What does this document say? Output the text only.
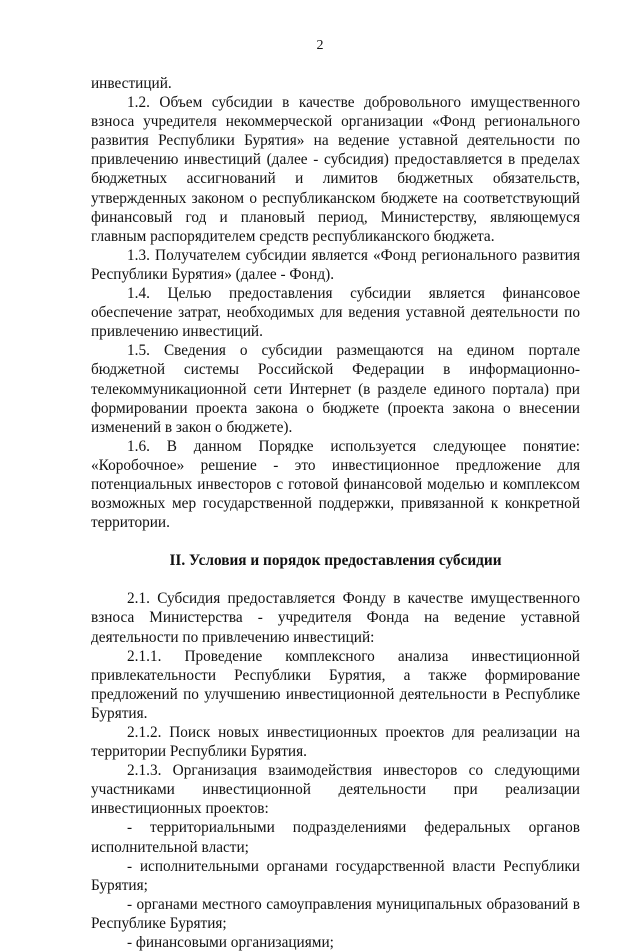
2

инвестиций.

1.2. Объем субсидии в качестве добровольного имущественного взноса учредителя некоммерческой организации «Фонд регионального развития Республики Бурятия» на ведение уставной деятельности по привлечению инвестиций (далее - субсидия) предоставляется в пределах бюджетных ассигнований и лимитов бюджетных обязательств, утвержденных законом о республиканском бюджете на соответствующий финансовый год и плановый период, Министерству, являющемуся главным распорядителем средств республиканского бюджета.

1.3. Получателем субсидии является «Фонд регионального развития Республики Бурятия» (далее - Фонд).

1.4. Целью предоставления субсидии является финансовое обеспечение затрат, необходимых для ведения уставной деятельности по привлечению инвестиций.

1.5. Сведения о субсидии размещаются на едином портале бюджетной системы Российской Федерации в информационно-телекоммуникационной сети Интернет (в разделе единого портала) при формировании проекта закона о бюджете (проекта закона о внесении изменений в закон о бюджете).

1.6. В данном Порядке используется следующее понятие: «Коробочное» решение - это инвестиционное предложение для потенциальных инвесторов с готовой финансовой моделью и комплексом возможных мер государственной поддержки, привязанной к конкретной территории.

II. Условия и порядок предоставления субсидии

2.1. Субсидия предоставляется Фонду в качестве имущественного взноса Министерства - учредителя Фонда на ведение уставной деятельности по привлечению инвестиций:

2.1.1. Проведение комплексного анализа инвестиционной привлекательности Республики Бурятия, а также формирование предложений по улучшению инвестиционной деятельности в Республике Бурятия.

2.1.2. Поиск новых инвестиционных проектов для реализации на территории Республики Бурятия.

2.1.3. Организация взаимодействия инвесторов со следующими участниками инвестиционной деятельности при реализации инвестиционных проектов:

- территориальными подразделениями федеральных органов исполнительной власти;

- исполнительными органами государственной власти Республики Бурятия;

- органами местного самоуправления муниципальных образований в Республике Бурятия;

- финансовыми организациями;
